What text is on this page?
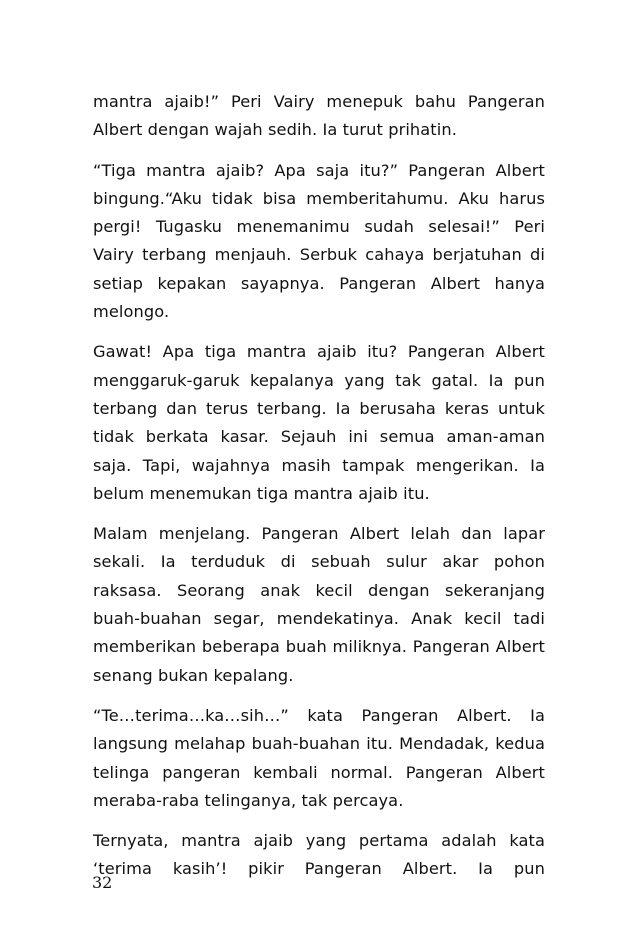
mantra ajaib!” Peri Vairy menepuk bahu Pangeran Albert dengan wajah sedih. Ia turut prihatin.

“Tiga mantra ajaib? Apa saja itu?” Pangeran Albert bingung.“Aku tidak bisa memberitahumu. Aku harus pergi! Tugasku menemanimu sudah selesai!” Peri Vairy terbang menjauh. Serbuk cahaya berjatuhan di setiap kepakan sayapnya. Pangeran Albert hanya melongo.

Gawat! Apa tiga mantra ajaib itu? Pangeran Albert menggaruk-garuk kepalanya yang tak gatal. Ia pun terbang dan terus terbang. Ia berusaha keras untuk tidak berkata kasar. Sejauh ini semua aman-aman saja. Tapi, wajahnya masih tampak mengerikan. Ia belum menemukan tiga mantra ajaib itu.

Malam menjelang. Pangeran Albert lelah dan lapar sekali. Ia terduduk di sebuah sulur akar pohon raksasa. Seorang anak kecil dengan sekeranjang buah-buahan segar, mendekatinya. Anak kecil tadi memberikan beberapa buah miliknya. Pangeran Albert senang bukan kepalang.

“Te…terima…ka…sih…” kata Pangeran Albert. Ia langsung melahap buah-buahan itu. Mendadak, kedua telinga pangeran kembali normal. Pangeran Albert meraba-raba telinganya, tak percaya.

Ternyata, mantra ajaib yang pertama adalah kata ‘terima kasih’! pikir Pangeran Albert. Ia pun

32
